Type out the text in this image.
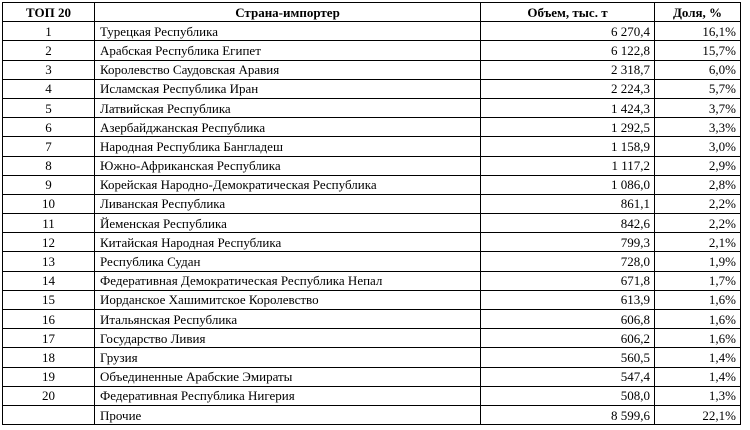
ТОП 20	Страна-импортер	Объем, тыс. т	Доля, %
1	Турецкая Республика	6 270,4	16,1%
2	Арабская Республика Египет	6 122,8	15,7%
3	Королевство Саудовская Аравия	2 318,7	6,0%
4	Исламская Республика Иран	2 224,3	5,7%
5	Латвийская Республика	1 424,3	3,7%
6	Азербайджанская Республика	1 292,5	3,3%
7	Народная Республика Бангладеш	1 158,9	3,0%
8	Южно-Африканская Республика	1 117,2	2,9%
9	Корейская Народно-Демократическая Республика	1 086,0	2,8%
10	Ливанская Республика	861,1	2,2%
11	Йеменская Республика	842,6	2,2%
12	Китайская Народная Республика	799,3	2,1%
13	Республика Судан	728,0	1,9%
14	Федеративная Демократическая Республика Непал	671,8	1,7%
15	Иорданское Хашимитское Королевство	613,9	1,6%
16	Итальянская Республика	606,8	1,6%
17	Государство Ливия	606,2	1,6%
18	Грузия	560,5	1,4%
19	Объединенные Арабские Эмираты	547,4	1,4%
20	Федеративная Республика Нигерия	508,0	1,3%
	Прочие	8 599,6	22,1%
